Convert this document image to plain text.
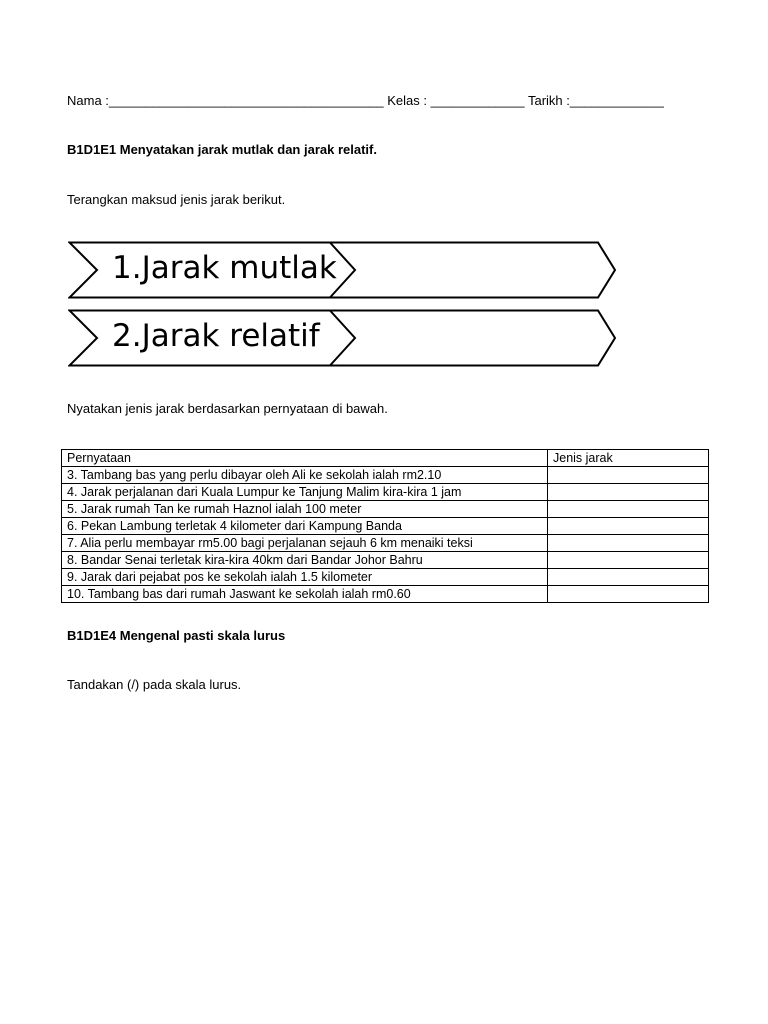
Nama :______________________________________ Kelas : _____________ Tarikh :_____________
B1D1E1 Menyatakan jarak mutlak dan jarak relatif.
Terangkan maksud jenis jarak berikut.
1.Jarak mutlak
2.Jarak relatif
Nyatakan jenis jarak berdasarkan pernyataan di bawah.
Pernyataan	Jenis jarak
3. Tambang bas yang perlu dibayar oleh Ali ke sekolah ialah rm2.10	
4. Jarak perjalanan dari Kuala Lumpur ke Tanjung Malim kira-kira 1 jam	
5. Jarak rumah Tan ke rumah Haznol ialah 100 meter	
6. Pekan Lambung terletak 4 kilometer dari Kampung Banda	
7. Alia perlu membayar rm5.00 bagi perjalanan sejauh 6 km menaiki teksi	
8. Bandar Senai terletak kira-kira 40km dari Bandar Johor Bahru	
9. Jarak dari pejabat pos ke sekolah ialah 1.5 kilometer	
10. Tambang bas dari rumah Jaswant ke sekolah ialah rm0.60	
B1D1E4 Mengenal pasti skala lurus
Tandakan (/) pada skala lurus.
